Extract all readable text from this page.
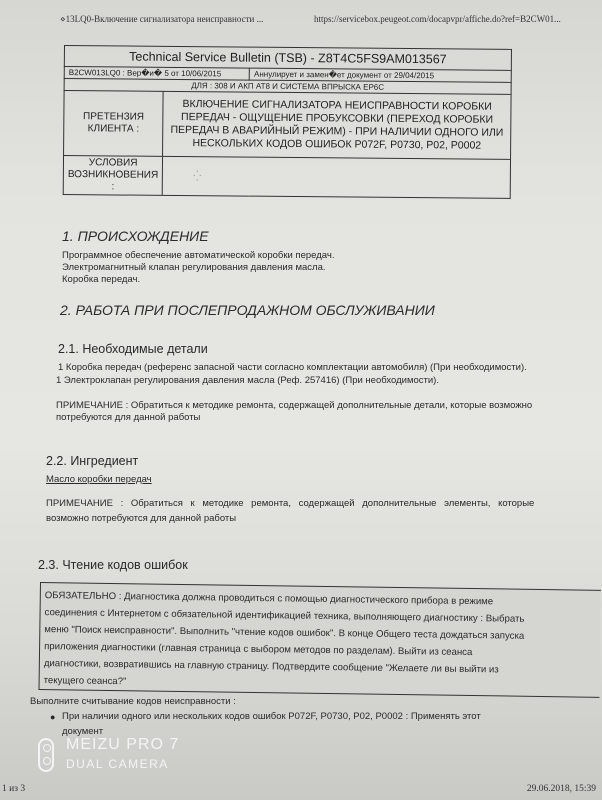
⋄13LQ0-Включение сигнализатора неисправности ...	https://servicebox.peugeot.com/docapvpr/affiche.do?ref=B2CW01...
Technical Service Bulletin (TSB) - Z8T4C5FS9AM013567		
B2CW013LQ0 : Вер�и� 5 от 10/06/2015		Аннулирует и замен�ет документ от 29/04/2015
ДЛЯ : 308 И АКП AT8 И СИСТЕМА ВПРЫСКА EP6C		
ПРЕТЕНЗИЯ
КЛИЕНТА :	ВКЛЮЧЕНИЕ СИГНАЛИЗАТОРА НЕИСПРАВНОСТИ КОРОБКИ
ПЕРЕДАЧ - ОЩУЩЕНИЕ ПРОБУКСОВКИ (ПЕРЕХОД КОРОБКИ
ПЕРЕДАЧ В АВАРИЙНЫЙ РЕЖИМ) - ПРИ НАЛИЧИИ ОДНОГО ИЛИ
НЕСКОЛЬКИХ КОДОВ ОШИБОК P072F, P0730, P02, P0002	
УСЛОВИЯ
ВОЗНИКНОВЕНИЯ :	⁛	
1. ПРОИСХОЖДЕНИЕ
Программное обеспечение автоматической коробки передач.
Электромагнитный клапан регулирования давления масла.
Коробка передач.
2. РАБОТА ПРИ ПОСЛЕПРОДАЖНОМ ОБСЛУЖИВАНИИ
2.1. Необходимые детали
1 Коробка передач (референс запасной части согласно комплектации автомобиля) (При необходимости).
1 Электроклапан регулирования давления масла (Реф. 257416) (При необходимости).
ПРИМЕЧАНИЕ : Обратиться к методике ремонта, содержащей дополнительные детали, которые возможно
потребуются для данной работы
2.2. Ингредиент
Масло коробки передач
ПРИМЕЧАНИЕ : Обратиться к методике ремонта, содержащей дополнительные элементы, которые
возможно потребуются для данной работы
2.3. Чтение кодов ошибок
ОБЯЗАТЕЛЬНО : Диагностика должна проводиться с помощью диагностического прибора в режиме
соединения с Интернетом с обязательной идентификацией техника, выполняющего диагностику : Выбрать
меню "Поиск неисправности". Выполнить "чтение кодов ошибок". В конце Общего теста дождаться запуска
приложения диагностики (главная страница с выбором методов по разделам). Выйти из сеанса
диагностики, возвратившись на главную страницу. Подтвердите сообщение "Желаете ли вы выйти из
текущего сеанса?"
Выполните считывание кодов неисправности :
● При наличии одного или нескольких кодов ошибок P072F, P0730, P02, P0002 : Применять этот
документ
1 из 3	29.06.2018, 15:39
MEIZU PRO 7
DUAL CAMERA
